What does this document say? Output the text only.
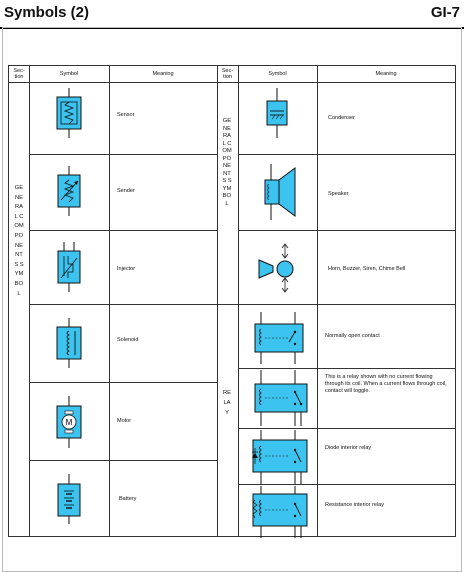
Symbols (2)	GI-7
Sec-
tion
Symbol	Meaning
Sec-
tion
Symbol	Meaning
GENERAL COMPONENTS SYMBOL
GENERAL COMPONENTS SYMBOL
RELAY
Sensor
Sender
Injector
Solenoid
Motor
Battery
Condenser
Speaker
Horn, Buzzer, Siren, Chime Bell
Normally open contact
This is a relay shown with no current flowing through its coil. When a current flows through coil, contact will toggle.
Diode interior relay
Resistance interior relay
M
